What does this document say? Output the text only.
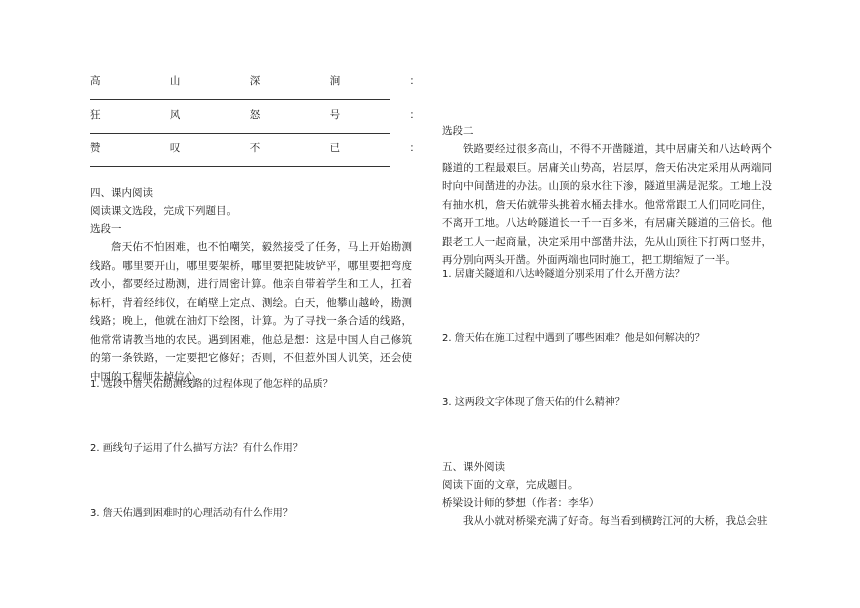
高	山	深	涧	：
狂	风	怒	号	：
赞	叹	不	已	：

四、课内阅读

阅读课文选段，完成下列题目。

选段一

詹天佑不怕困难，也不怕嘲笑，毅然接受了任务，马上开始勘测线路。哪里要开山，哪里要架桥，哪里要把陡坡铲平，哪里要把弯度改小，都要经过勘测，进行周密计算。他亲自带着学生和工人，扛着标杆，背着经纬仪，在峭壁上定点、测绘。白天，他攀山越岭，勘测线路；晚上，他就在油灯下绘图，计算。为了寻找一条合适的线路，他常常请教当地的农民。遇到困难，他总是想：这是中国人自己修筑的第一条铁路，一定要把它修好；否则，不但惹外国人讥笑，还会使中国的工程师失掉信心。

1. 选段中詹天佑勘测线路的过程体现了他怎样的品质？

2. 画线句子运用了什么描写方法？有什么作用？

3. 詹天佑遇到困难时的心理活动有什么作用？

选段二

铁路要经过很多高山，不得不开凿隧道，其中居庸关和八达岭两个隧道的工程最艰巨。居庸关山势高，岩层厚，詹天佑决定采用从两端同时向中间凿进的办法。山顶的泉水往下渗，隧道里满是泥浆。工地上没有抽水机，詹天佑就带头挑着水桶去排水。他常常跟工人们同吃同住，不离开工地。八达岭隧道长一千一百多米，有居庸关隧道的三倍长。他跟老工人一起商量，决定采用中部凿井法，先从山顶往下打两口竖井，再分别向两头开凿。外面两端也同时施工，把工期缩短了一半。

1. 居庸关隧道和八达岭隧道分别采用了什么开凿方法？

2. 詹天佑在施工过程中遇到了哪些困难？他是如何解决的？

3. 这两段文字体现了詹天佑的什么精神？

五、课外阅读

阅读下面的文章，完成题目。

桥梁设计师的梦想（作者：李华）

我从小就对桥梁充满了好奇。每当看到横跨江河的大桥，我总会驻
